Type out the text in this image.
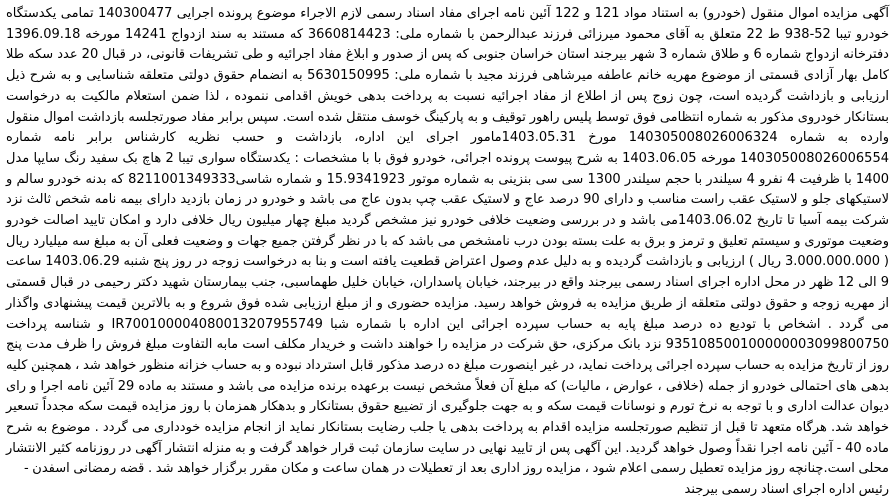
آگهی مزایده اموال منقول (خودرو) به استناد مواد 121 و 122 آئین نامه اجرای مفاد اسناد رسمی لازم الاجراء موضوع پرونده اجرایی 140300477 تمامی یکدستگاه خودرو تیبا 52-938 ط 22 متعلق به آقای محمود میرزائی فرزند عبدالرحمن با شماره ملی: 3660814423 که مستند به سند ازدواج 14241 مورخه 1396.09.18 دفترخانه ازدواج شماره 6 و طلاق شماره 3 شهر بیرجند استان خراسان جنوبی که پس از صدور و ابلاغ مفاد اجرائیه و طی تشریفات قانونی، در قبال 20 عدد سکه طلا کامل بهار آزادی قسمتی از موضوع مهریه خانم عاطفه میرشاهی فرزند مجید با شماره ملی: 5630150995 به انضمام حقوق دولتی متعلقه شناسایی و به شرح ذیل ارزیابی و بازداشت گردیده است، چون زوج پس از اطلاع از مفاد اجرائیه نسبت به پرداخت بدهی خویش اقدامی ننموده ، لذا ضمن استعلام مالکیت به درخواست بستانکار خودروی مذکور به شماره انتظامی فوق توسط پلیس راهور توقیف و به پارکینگ خوسف منتقل شده است. سپس برابر مفاد صورتجلسه بازداشت اموال منقول وارده به شماره 140305008026006324 مورخ 1403.05.31مامور اجرای این اداره، بازداشت و حسب نظریه کارشناس برابر نامه شماره 140305008026006554 مورخه 1403.06.05 به شرح پیوست پرونده اجرائی، خودرو فوق با با مشخصات : یکدستگاه سواری تیبا 2 هاچ بک سفید رنگ سایپا مدل 1400 با ظرفیت 4 نفرو 4 سیلندر با حجم سیلندر 1300 سی سی بنزینی به شماره موتور 15.9341923 و شماره شاسی8211001349333 که بدنه خودرو سالم و لاستیکهای جلو و لاستیک عقب راست مناسب و دارای 90 درصد عاج و لاستیک عقب چپ بدون عاج می باشد و خودرو در زمان بازدید دارای بیمه نامه شخص ثالث نزد شرکت بیمه آسیا تا تاریخ 1403.06.02می باشد و در بررسی وضعیت خلافی خودرو نیز مشخص گردید مبلغ چهار میلیون ریال خلافی دارد و امکان تایید اصالت خودرو وضعیت موتوری و سیستم تعلیق و ترمز و برق به علت بسته بودن درب نامشخص می باشد که با در نظر گرفتن جمیع جهات و وضعیت فعلی آن به مبلغ سه میلیارد ریال ( 3.000.000.000 ریال ) ارزیابی و بازداشت گردیده و به دلیل عدم وصول اعتراض قطعیت یافته است و بنا به درخواست زوجه در روز پنج شنبه 1403.06.29 ساعت 9 الی 12 ظهر در محل اداره اجرای اسناد رسمی بیرجند واقع در بیرجند، خیابان پاسداران، خیابان خلیل طهماسبی، جنب بیمارستان شهید دکتر رحیمی در قبال قسمتی از مهریه زوجه و حقوق دولتی متعلقه از طریق مزایده به فروش خواهد رسید. مزایده حضوری و از مبلغ ارزیابی شده فوق شروع و به بالاترین قیمت پیشنهادی واگذار می گردد . اشخاص با تودیع ده درصد مبلغ پایه به حساب سپرده اجرائی این اداره با شماره شبا IR700100004080013207955749 و شناسه پرداخت 935108500100000003099800750 نزد بانک مرکزی، حق شرکت در مزایده را خواهند داشت و خریدار مکلف است مابه التفاوت مبلغ فروش را ظرف مدت پنج روز از تاریخ مزایده به حساب سپرده اجرائی پرداخت نماید، در غیر اینصورت مبلغ ده درصد مذکور قابل استرداد نبوده و به حساب خزانه منظور خواهد شد ، همچنین کلیه بدهی های احتمالی خودرو از جمله (خلافی ، عوارض ، مالیات) که مبلغ آن فعلاً مشخص نیست برعهده برنده مزایده می باشد و مستند به ماده 29 آئین نامه اجرا و رای دیوان عدالت اداری و با توجه به نرخ تورم و نوسانات قیمت سکه و به جهت جلوگیری از تضییع حقوق بستانکار و بدهکار همزمان با روز مزایده قیمت سکه مجدداً تسعیر خواهد شد. هرگاه متعهد تا قبل از تنظیم صورتجلسه مزایده اقدام به پرداخت بدهی یا جلب رضایت بستانکار نماید از انجام مزایده خودداری می گردد . موضوع به شرح ماده 40 - آئین نامه اجرا نقداً وصول خواهد گردید. این آگهی پس از تایید نهایی در سایت سازمان ثبت قرار خواهد گرفت و به منزله انتشار آگهی در روزنامه کثیر الانتشار محلی است.چنانچه روز مزایده تعطیل رسمی اعلام شود ، مزایده روز اداری بعد از تعطیلات در همان ساعت و مکان مقرر برگزار خواهد شد . قضه رمضانی اسفدن -

رئیس اداره اجرای اسناد رسمی بیرجند
